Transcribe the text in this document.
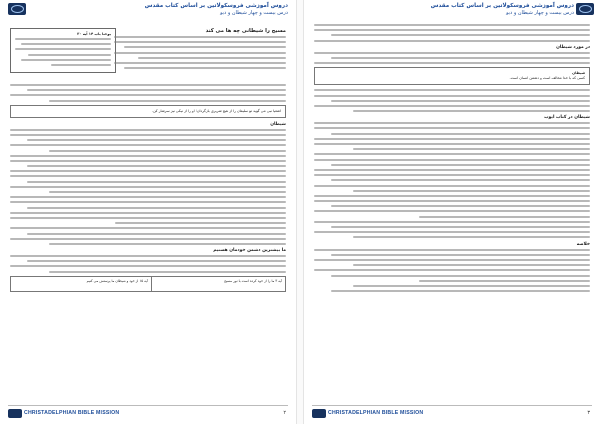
دروس آموزشی فروسکولاتین بر اساس کتاب مقدس
درس بیست و چهار شیطان و دیو
یوحنا باب ۱۴ آیه ۳۰	مسیح را شیطانی چه ها می کند
اشعیا نبی می گوید تو سلیمان را از هیچ شریری بازگردان؛ او را از نیکی نیز سرشار کن.
شیطان
ما بیشترین دشمن خودمان هستیم
آیه ۳ ما را از خود کرده است با نور مسیح	آیه ۱۵ از خود و شیطان ما پرستش می کنیم
CHRISTADELPHIAN BIBLE MISSION	۲
دروس آموزشی فروسکولاتین بر اساس کتاب مقدس
درس بیست و چهار شیطان و دیو
در مورد شیطان
شیطان
کسی که با خدا مخالف است و دشمن انسان است.
شیطان در کتاب ایوب
خلاصه
CHRISTADELPHIAN BIBLE MISSION	۳
